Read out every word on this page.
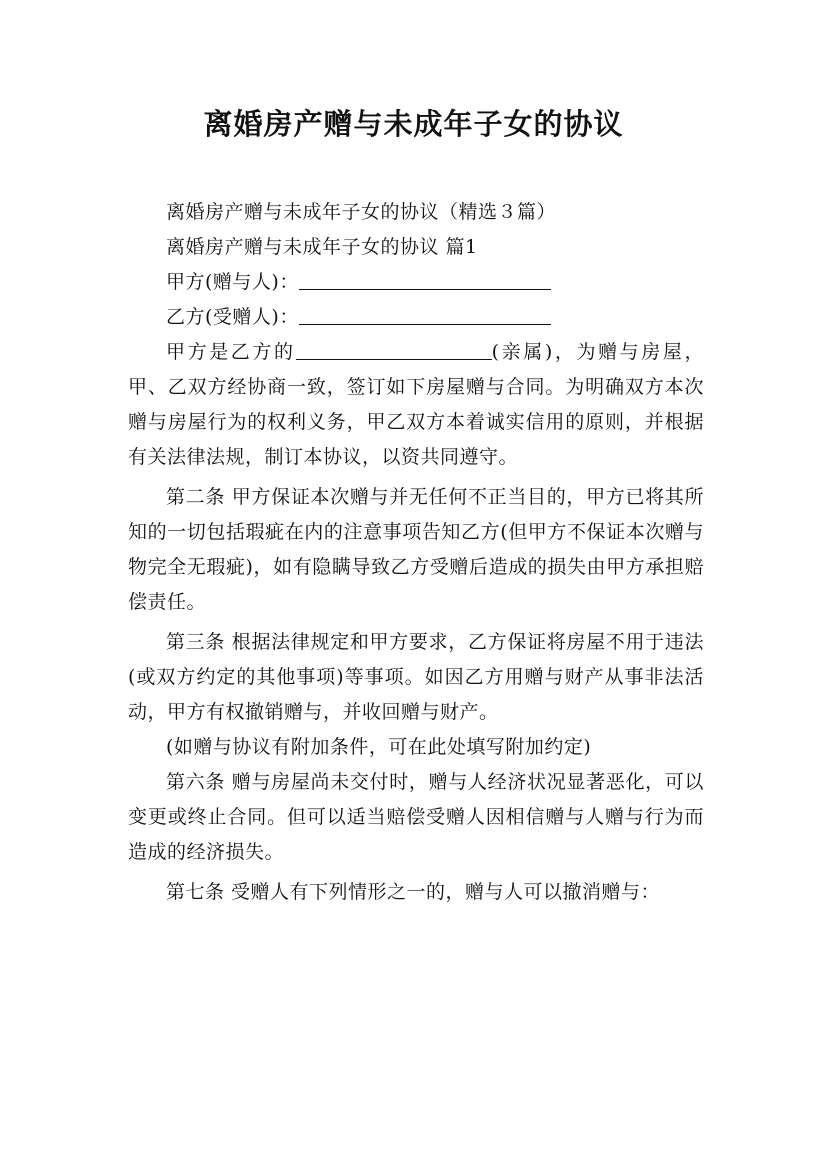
离婚房产赠与未成年子女的协议

离婚房产赠与未成年子女的协议（精选３篇）

离婚房产赠与未成年子女的协议 篇1

甲方(赠与人)：

乙方(受赠人)：

甲方是乙方的	(亲属)，为赠与房屋，甲、乙双方经协商一致，签订如下房屋赠与合同。为明确双方本次赠与房屋行为的权利义务，甲乙双方本着诚实信用的原则，并根据有关法律法规，制订本协议，以资共同遵守。

第二条 甲方保证本次赠与并无任何不正当目的，甲方已将其所知的一切包括瑕疵在内的注意事项告知乙方(但甲方不保证本次赠与物完全无瑕疵)，如有隐瞒导致乙方受赠后造成的损失由甲方承担赔偿责任。

第三条 根据法律规定和甲方要求，乙方保证将房屋不用于违法(或双方约定的其他事项)等事项。如因乙方用赠与财产从事非法活动，甲方有权撤销赠与，并收回赠与财产。

(如赠与协议有附加条件，可在此处填写附加约定)

第六条 赠与房屋尚未交付时，赠与人经济状况显著恶化，可以变更或终止合同。但可以适当赔偿受赠人因相信赠与人赠与行为而造成的经济损失。

第七条 受赠人有下列情形之一的，赠与人可以撤消赠与：
